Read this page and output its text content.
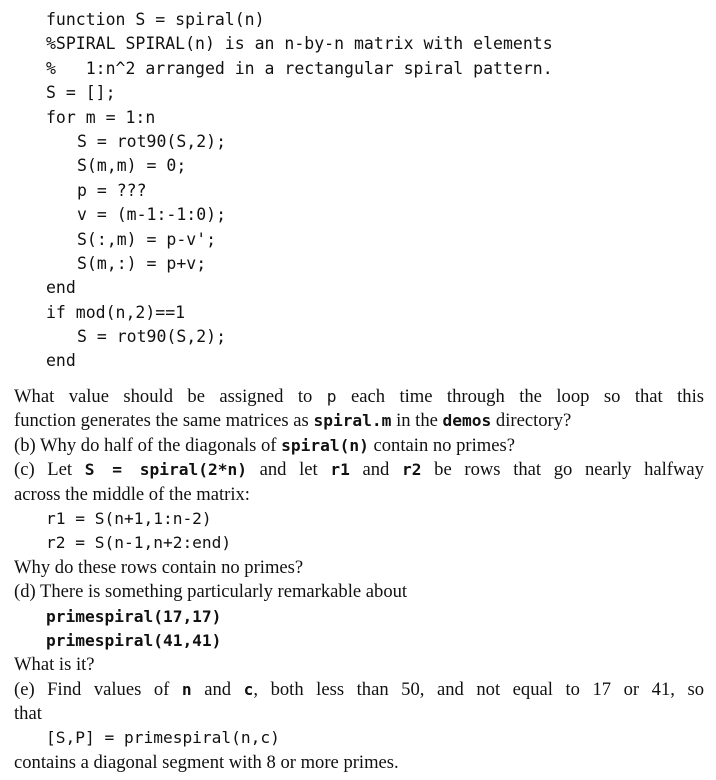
function S = spiral(n)
%SPIRAL SPIRAL(n) is an n-by-n matrix with elements
%   1:n^2 arranged in a rectangular spiral pattern.
S = [];
for m = 1:n
S = rot90(S,2);
S(m,m) = 0;
p = ???
v = (m-1:-1:0);
S(:,m) = p-v';
S(m,:) = p+v;
end
if mod(n,2)==1
S = rot90(S,2);
end
What value should be assigned to p each time through the loop so that this
function generates the same matrices as spiral.m in the demos directory?
(b) Why do half of the diagonals of spiral(n) contain no primes?
(c) Let S = spiral(2*n) and let r1 and r2 be rows that go nearly halfway
across the middle of the matrix:
r1 = S(n+1,1:n-2)
r2 = S(n-1,n+2:end)
Why do these rows contain no primes?
(d) There is something particularly remarkable about
primespiral(17,17)
primespiral(41,41)
What is it?
(e) Find values of n and c, both less than 50, and not equal to 17 or 41, so
that
[S,P] = primespiral(n,c)
contains a diagonal segment with 8 or more primes.
